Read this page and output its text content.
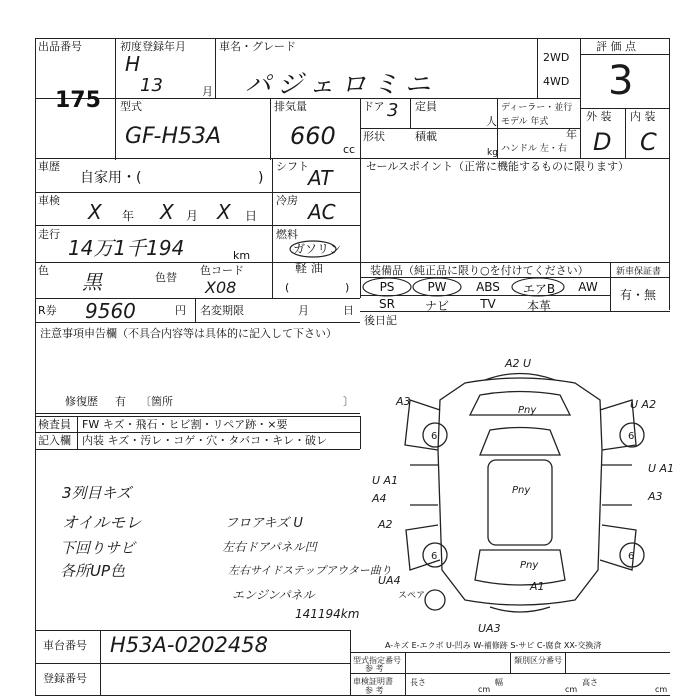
出品番号
175
初度登録年月
H
13	月
車名・グレード
パジェロミニ
2WD
4WD
評 価 点
3
外 装 内 装
D C
型式
GF-H53A
排気量
660 cc
ドア 3 定員
人
ディーラー・並行
モデル 年式
年
形状	積載
kg ハンドル 左・右
車歴
自家用・(	)
車検 X 年 X 月 X 日
走行
14万1千194	km
色 黒	色替
色コード
X08
R券 9560	円 名変期限	月	日
注意事項申告欄（不具合内容等は具体的に記入して下さい）
修復歴 有 〔箇所	〕
シフト AT
冷房 AC
燃料
ガソリン
軽 油
(	)
セールスポイント（正常に機能するものに限ります）
装備品（純正品に限り○を付けてください）	新車保証書
有・無
PS	PW	ABS	エアB	AW
SR	ナビ	TV	本革
後日記
検査員
記入欄
FW キズ・飛石・ヒビ割・リペア跡・×要
内装 キズ・汚レ・コゲ・穴・タバコ・キレ・破レ
3列目キズ
オイルモレ
下回りサビ
各所UP色
フロアキズ U
左右ドアパネル凹
左右サイドステップアウター曲り
エンジンパネル
141194km
6	6
6	6
A2 U
A3	U A2
U A1
A3
U A1
A4
A2
UA4	A1
UA3
Pny
Pny
Pny
スペア
車台番号 H53A-0202458
登録番号
A-キズ E-エクボ U-凹み W-補修跡 S-サビ C-腐食 XX-交換済
型式指定番号
参 考
類別区分番号
車検証明書
参 考
長さ
cm
幅
cm
高さ
cm
